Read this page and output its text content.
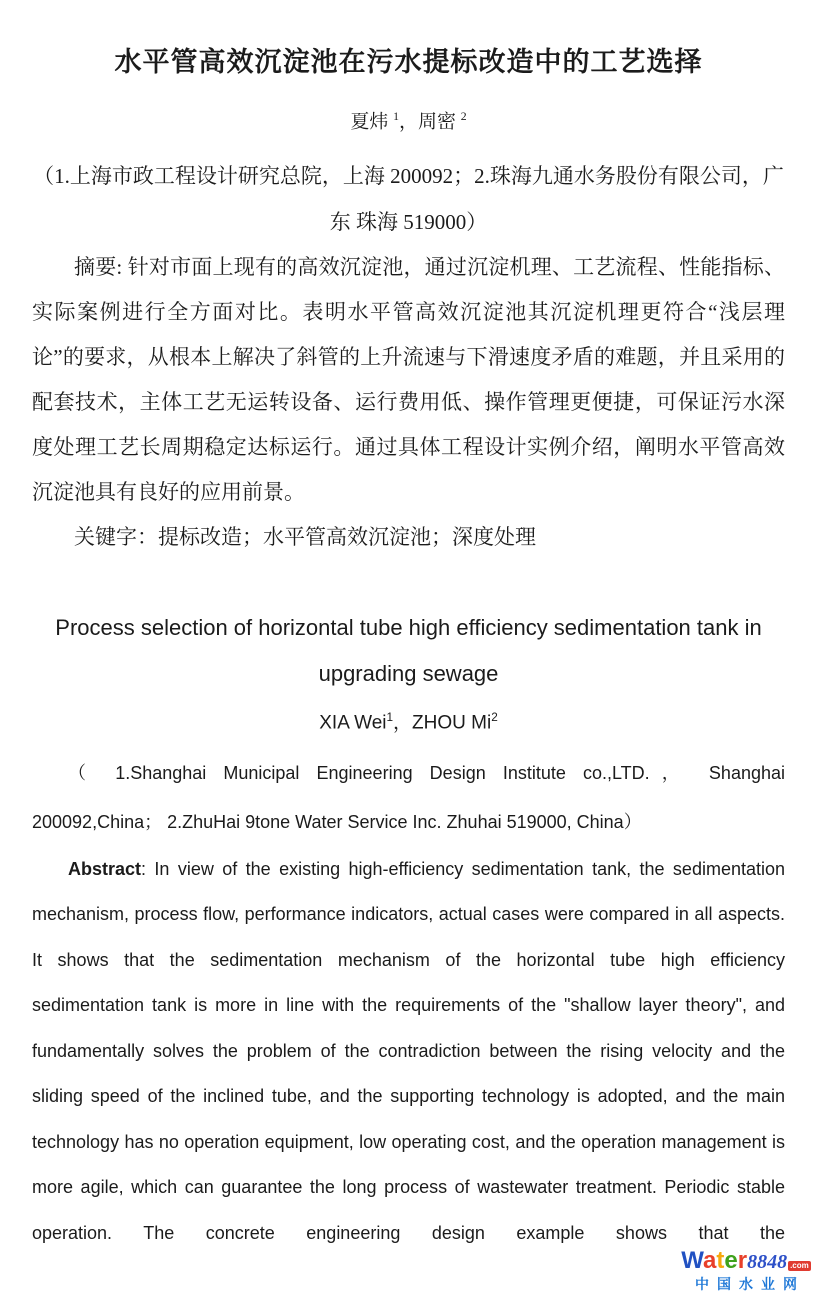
水平管高效沉淀池在污水提标改造中的工艺选择

夏炜 $^1$，周密 $^2$

（1.上海市政工程设计研究总院，上海 200092；2.珠海九通水务股份有限公司，广东 珠海 519000）

摘要: 针对市面上现有的高效沉淀池，通过沉淀机理、工艺流程、性能指标、实际案例进行全方面对比。表明水平管高效沉淀池其沉淀机理更符合“浅层理论”的要求，从根本上解决了斜管的上升流速与下滑速度矛盾的难题，并且采用的配套技术，主体工艺无运转设备、运行费用低、操作管理更便捷，可保证污水深度处理工艺长周期稳定达标运行。通过具体工程设计实例介绍，阐明水平管高效沉淀池具有良好的应用前景。

关键字：提标改造；水平管高效沉淀池；深度处理

Process selection of horizontal tube high efficiency sedimentation tank in upgrading sewage

XIA Wei$^1$，ZHOU Mi$^2$

（ 1.Shanghai Municipal Engineering Design Institute co.,LTD.， Shanghai 200092,China； 2.ZhuHai 9tone Water Service Inc. Zhuhai 519000, China）

Abstract: In view of the existing high-efficiency sedimentation tank, the sedimentation mechanism, process flow, performance indicators, actual cases were compared in all aspects. It shows that the sedimentation mechanism of the horizontal tube high efficiency sedimentation tank is more in line with the requirements of the "shallow layer theory", and fundamentally solves the problem of the contradiction between the rising velocity and the sliding speed of the inclined tube, and the supporting technology is adopted, and the main technology has no operation equipment, low operating cost, and the operation management is more agile, which can guarantee the long process of wastewater treatment. Periodic stable operation. The concrete engineering design example shows that the

Water8848 .com
中国水业网
